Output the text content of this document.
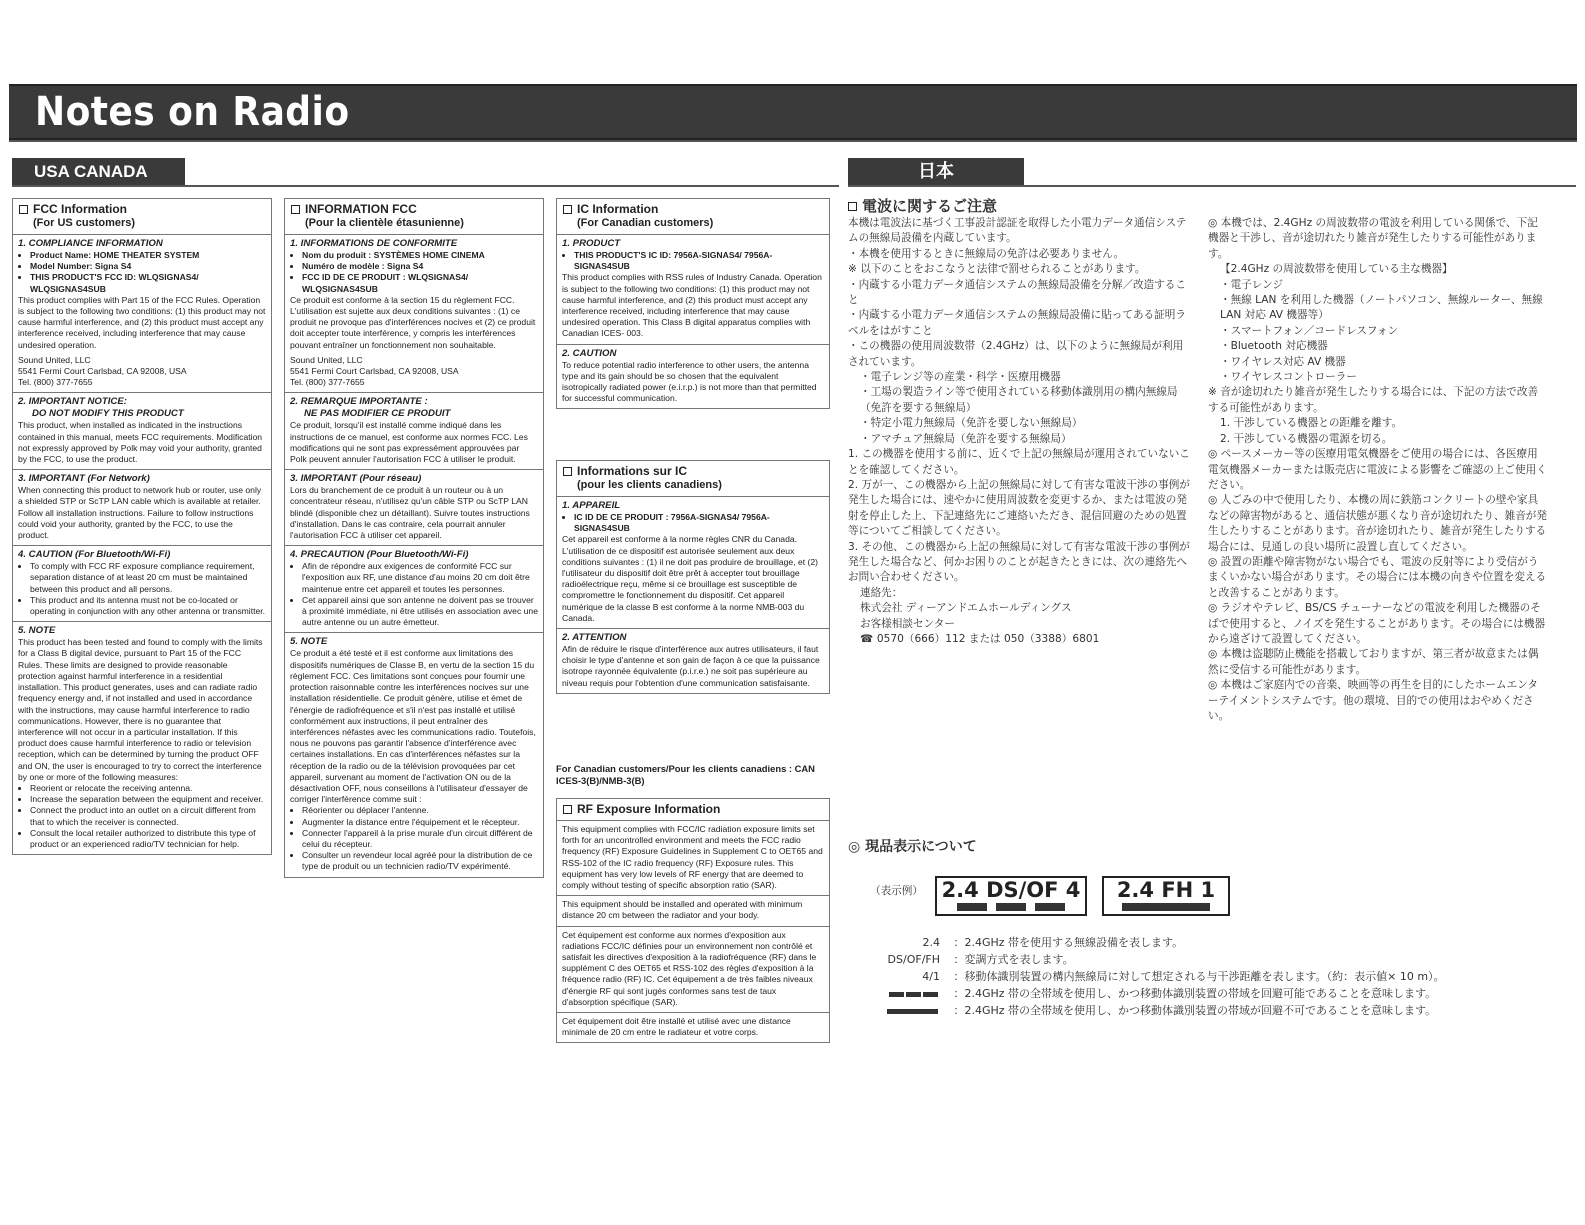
Notes on Radio
USA CANADA	日本
FCC Information
(For US customers)
1. COMPLIANCE INFORMATION
• Product Name: HOME THEATER SYSTEM
• Model Number: Signa S4
• THIS PRODUCT'S FCC ID: WLQSIGNAS4/ WLQSIGNAS4SUB

This product complies with Part 15 of the FCC Rules. Operation is subject to the following two conditions: (1) this product may not cause harmful interference, and (2) this product must accept any interference received, including interference that may cause undesired operation.

Sound United, LLC

5541 Fermi Court Carlsbad, CA 92008, USA

Tel. (800) 377-7655

2. IMPORTANT NOTICE:
DO NOT MODIFY THIS PRODUCT

This product, when installed as indicated in the instructions contained in this manual, meets FCC requirements. Modification not expressly approved by Polk may void your authority, granted by the FCC, to use the product.

3. IMPORTANT (For Network)

When connecting this product to network hub or router, use only a shielded STP or ScTP LAN cable which is available at retailer. Follow all installation instructions. Failure to follow instructions could void your authority, granted by the FCC, to use the product.

4. CAUTION (For Bluetooth/Wi-Fi)
• To comply with FCC RF exposure compliance requirement, separation distance of at least 20 cm must be maintained between this product and all persons.
• This product and its antenna must not be co-located or operating in conjunction with any other antenna or transmitter.
5. NOTE

This product has been tested and found to comply with the limits for a Class B digital device, pursuant to Part 15 of the FCC Rules. These limits are designed to provide reasonable protection against harmful interference in a residential installation. This product generates, uses and can radiate radio frequency energy and, if not installed and used in accordance with the instructions, may cause harmful interference to radio communications. However, there is no guarantee that interference will not occur in a particular installation. If this product does cause harmful interference to radio or television reception, which can be determined by turning the product OFF and ON, the user is encouraged to try to correct the interference by one or more of the following measures:

• Reorient or relocate the receiving antenna.
• Increase the separation between the equipment and receiver.
• Connect the product into an outlet on a circuit different from that to which the receiver is connected.
• Consult the local retailer authorized to distribute this type of product or an experienced radio/TV technician for help.
INFORMATION FCC
(Pour la clientèle étasunienne)
1. INFORMATIONS DE CONFORMITE
• Nom du produit : SYSTÈMES HOME CINEMA
• Numéro de modèle : Signa S4
• FCC ID DE CE PRODUIT : WLQSIGNAS4/ WLQSIGNAS4SUB

Ce produit est conforme à la section 15 du règlement FCC. L'utilisation est sujette aux deux conditions suivantes : (1) ce produit ne provoque pas d'interférences nocives et (2) ce produit doit accepter toute interférence, y compris les interférences pouvant entraîner un fonctionnement non souhaitable.

Sound United, LLC

5541 Fermi Court Carlsbad, CA 92008, USA

Tel. (800) 377-7655

2. REMARQUE IMPORTANTE :
NE PAS MODIFIER CE PRODUIT

Ce produit, lorsqu'il est installé comme indiqué dans les instructions de ce manuel, est conforme aux normes FCC. Les modifications qui ne sont pas expressément approuvées par Polk peuvent annuler l'autorisation FCC à utiliser le produit.

3. IMPORTANT (Pour réseau)

Lors du branchement de ce produit à un routeur ou à un concentrateur réseau, n'utilisez qu'un câble STP ou ScTP LAN blindé (disponible chez un détaillant). Suivre toutes instructions d'installation. Dans le cas contraire, cela pourrait annuler l'autorisation FCC à utiliser cet appareil.

4. PRECAUTION (Pour Bluetooth/Wi-Fi)
• Afin de répondre aux exigences de conformité FCC sur l'exposition aux RF, une distance d'au moins 20 cm doit être maintenue entre cet appareil et toutes les personnes.
• Cet appareil ainsi que son antenne ne doivent pas se trouver à proximité immédiate, ni être utilisés en association avec une autre antenne ou un autre émetteur.
5. NOTE

Ce produit a été testé et il est conforme aux limitations des dispositifs numériques de Classe B, en vertu de la section 15 du règlement FCC. Ces limitations sont conçues pour fournir une protection raisonnable contre les interférences nocives sur une installation résidentielle. Ce produit génère, utilise et émet de l'énergie de radiofréquence et s'il n'est pas installé et utilisé conformément aux instructions, il peut entraîner des interférences néfastes avec les communications radio. Toutefois, nous ne pouvons pas garantir l'absence d'interférence avec certaines installations. En cas d'interférences néfastes sur la réception de la radio ou de la télévision provoquées par cet appareil, survenant au moment de l'activation ON ou de la désactivation OFF, nous conseillons à l'utilisateur d'essayer de corriger l'interférence comme suit :

• Réorienter ou déplacer l'antenne.
• Augmenter la distance entre l'équipement et le récepteur.
• Connecter l'appareil à la prise murale d'un circuit différent de celui du récepteur.
• Consulter un revendeur local agréé pour la distribution de ce type de produit ou un technicien radio/TV expérimenté.
IC Information
(For Canadian customers)
1. PRODUCT
• THIS PRODUCT'S IC ID: 7956A-SIGNAS4/ 7956A-SIGNAS4SUB

This product complies with RSS rules of Industry Canada. Operation is subject to the following two conditions: (1) this product may not cause harmful interference, and (2) this product must accept any interference received, including interference that may cause undesired operation. This Class B digital apparatus complies with Canadian ICES- 003.

2. CAUTION

To reduce potential radio interference to other users, the antenna type and its gain should be so chosen that the equivalent isotropically radiated power (e.i.r.p.) is not more than that permitted for successful communication.

Informations sur IC
(pour les clients canadiens)
1. APPAREIL
• IC ID DE CE PRODUIT : 7956A-SIGNAS4/ 7956A-SIGNAS4SUB

Cet appareil est conforme à la norme règles CNR du Canada. L'utilisation de ce dispositif est autorisée seulement aux deux conditions suivantes : (1) il ne doit pas produire de brouillage, et (2) l'utilisateur du dispositif doit être prêt à accepter tout brouillage radioélectrique reçu, même si ce brouillage est susceptible de compromettre le fonctionnement du dispositif. Cet appareil numérique de la classe B est conforme à la norme NMB-003 du Canada.

2. ATTENTION

Afin de réduire le risque d'interférence aux autres utilisateurs, il faut choisir le type d'antenne et son gain de façon à ce que la puissance isotrope rayonnée équivalente (p.i.r.e.) ne soit pas supérieure au niveau requis pour l'obtention d'une communication satisfaisante.

For Canadian customers/Pour les clients canadiens : CAN ICES-3(B)/NMB-3(B)
RF Exposure Information

This equipment complies with FCC/IC radiation exposure limits set forth for an uncontrolled environment and meets the FCC radio frequency (RF) Exposure Guidelines in Supplement C to OET65 and RSS-102 of the IC radio frequency (RF) Exposure rules. This equipment has very low levels of RF energy that are deemed to comply without testing of specific absorption ratio (SAR).

This equipment should be installed and operated with minimum distance 20 cm between the radiator and your body.

Cet équipement est conforme aux normes d'exposition aux radiations FCC/IC définies pour un environnement non contrôlé et satisfait les directives d'exposition à la radiofréquence (RF) dans le supplément C des OET65 et RSS-102 des règles d'exposition à la fréquence radio (RF) IC. Cet équipement a de très faibles niveaux d'énergie RF qui sont jugés conformes sans test de taux d'absorption spécifique (SAR).

Cet équipement doit être installé et utilisé avec une distance minimale de 20 cm entre le radiateur et votre corps.

電波に関するご注意

本機は電波法に基づく工事設計認証を取得した小電力データ通信システムの無線局設備を内蔵しています。

・本機を使用するときに無線局の免許は必要ありません。

※ 以下のことをおこなうと法律で罰せられることがあります。

・内蔵する小電力データ通信システムの無線局設備を分解／改造すること

・内蔵する小電力データ通信システムの無線局設備に貼ってある証明ラベルをはがすこと

・この機器の使用周波数帯（2.4GHz）は、以下のように無線局が利用されています。

・電子レンジ等の産業・科学・医療用機器

・工場の製造ライン等で使用されている移動体識別用の構内無線局（免許を要する無線局）

・特定小電力無線局（免許を要しない無線局）

・アマチュア無線局（免許を要する無線局）

1. この機器を使用する前に、近くで上記の無線局が運用されていないことを確認してください。

2. 万が一、この機器から上記の無線局に対して有害な電波干渉の事例が発生した場合には、速やかに使用周波数を変更するか、または電波の発射を停止した上、下記連絡先にご連絡いただき、混信回避のための処置等についてご相談してください。

3. その他、この機器から上記の無線局に対して有害な電波干渉の事例が発生した場合など、何かお困りのことが起きたときには、次の連絡先へお問い合わせください。

連絡先：

株式会社 ディーアンドエムホールディングス

お客様相談センター

☎ 0570（666）112 または 050（3388）6801

◎ 本機では、2.4GHz の周波数帯の電波を利用している関係で、下記機器と干渉し、音が途切れたり雑音が発生したりする可能性があります。

【2.4GHz の周波数帯を使用している主な機器】

・電子レンジ

・無線 LAN を利用した機器（ノートパソコン、無線ルーター、無線 LAN 対応 AV 機器等）

・スマートフォン／コードレスフォン

・Bluetooth 対応機器

・ワイヤレス対応 AV 機器

・ワイヤレスコントローラー

※ 音が途切れたり雑音が発生したりする場合には、下記の方法で改善する可能性があります。

1. 干渉している機器との距離を離す。

2. 干渉している機器の電源を切る。

◎ ペースメーカー等の医療用電気機器をご使用の場合には、各医療用電気機器メーカーまたは販売店に電波による影響をご確認の上ご使用ください。

◎ 人ごみの中で使用したり、本機の周に鉄筋コンクリートの壁や家具などの障害物があると、通信状態が悪くなり音が途切れたり、雑音が発生したりすることがあります。音が途切れたり、雑音が発生したりする場合には、見通しの良い場所に設置し直してください。

◎ 設置の距離や障害物がない場合でも、電波の反射等により受信がうまくいかない場合があります。その場合には本機の向きや位置を変えると改善することがあります。

◎ ラジオやテレビ、BS/CS チューナーなどの電波を利用した機器のそばで使用すると、ノイズを発生することがあります。その場合には機器から遠ざけて設置してください。

◎ 本機は盗聴防止機能を搭載しておりますが、第三者が故意または偶然に受信する可能性があります。

◎ 本機はご家庭内での音楽、映画等の再生を目的にしたホームエンターテイメントシステムです。他の環境、目的での使用はおやめください。

◎ 現品表示について
（表示例） 2.4 DS/OF 4	2.4 FH 1
2.4 ：2.4GHz 帯を使用する無線設備を表します。
DS/OF/FH ：変調方式を表します。
4/1 ：移動体識別装置の構内無線局に対して想定される与干渉距離を表します。（約：表示値× 10 m）。
：2.4GHz 帯の全帯域を使用し、かつ移動体識別装置の帯域を回避可能であることを意味します。
：2.4GHz 帯の全帯域を使用し、かつ移動体識別装置の帯域が回避不可であることを意味します。
